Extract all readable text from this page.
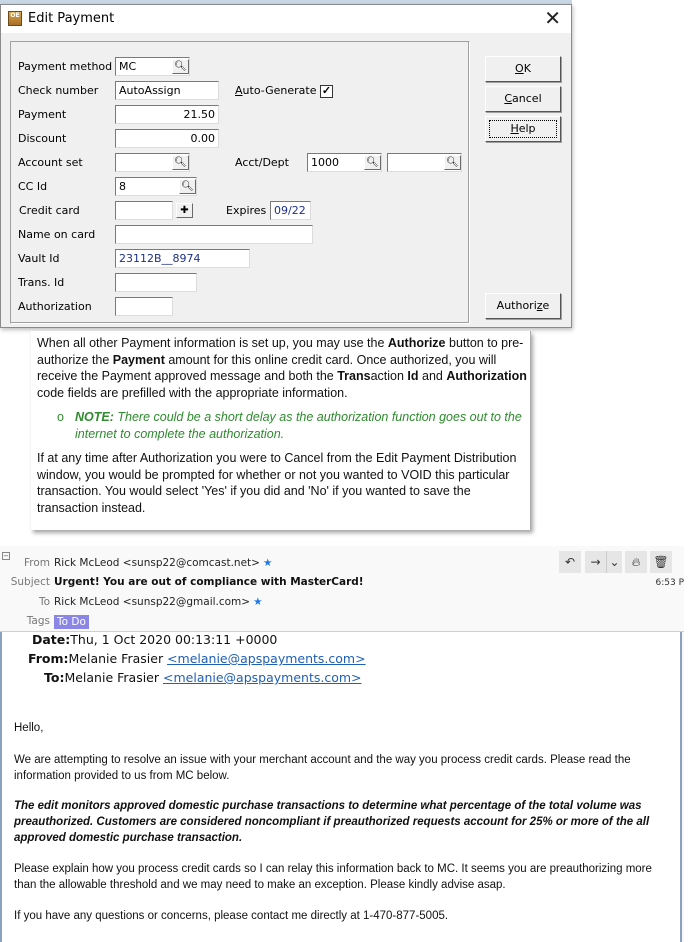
OE Edit Payment	✕
Payment method MC	🔍︎
Check number	AutoAssign	Auto-Generate ✓
Payment	21.50
Discount	0.00
Account set	🔍︎	Acct/Dept	1000	🔍︎	🔍︎
CC Id	8	🔍︎
Credit card	✚	Expires 09/22
Name on card
Vault Id	23112B__8974
Trans. Id
Authorization
OK
Cancel
Help
Authorize

When all other Payment information is set up, you may use the Authorize button to pre-authorize the Payment amount for this online credit card. Once authorized, you will receive the Payment approved message and both the Transaction Id and Authorization code fields are prefilled with the appropriate information.

o NOTE: There could be a short delay as the authorization function goes out to the internet to complete the authorization.

If at any time after Authorization you were to Cancel from the Edit Payment Distribution window, you would be prompted for whether or not you wanted to VOID this particular transaction. You would select 'Yes' if you did and 'No' if you wanted to save the transaction instead.

−
From Rick McLeod <sunsp22@comcast.net> ★
Subject Urgent! You are out of compliance with MasterCard!
To Rick McLeod <sunsp22@gmail.com> ★
Tags To Do
↶	→ ⌄	🔥︎	🗑︎
6:53 P
Date:Thu, 1 Oct 2020 00:13:11 +0000
From:Melanie Frasier <melanie@apspayments.com>
To:Melanie Frasier <melanie@apspayments.com>

Hello,

We are attempting to resolve an issue with your merchant account and the way you process credit cards. Please read the information provided to us from MC below.

The edit monitors approved domestic purchase transactions to determine what percentage of the total volume was preauthorized. Customers are considered noncompliant if preauthorized requests account for 25% or more of the all approved domestic purchase transaction.

Please explain how you process credit cards so I can relay this information back to MC. It seems you are preauthorizing more than the allowable threshold and we may need to make an exception. Please kindly advise asap.

If you have any questions or concerns, please contact me directly at 1-470-877-5005.
